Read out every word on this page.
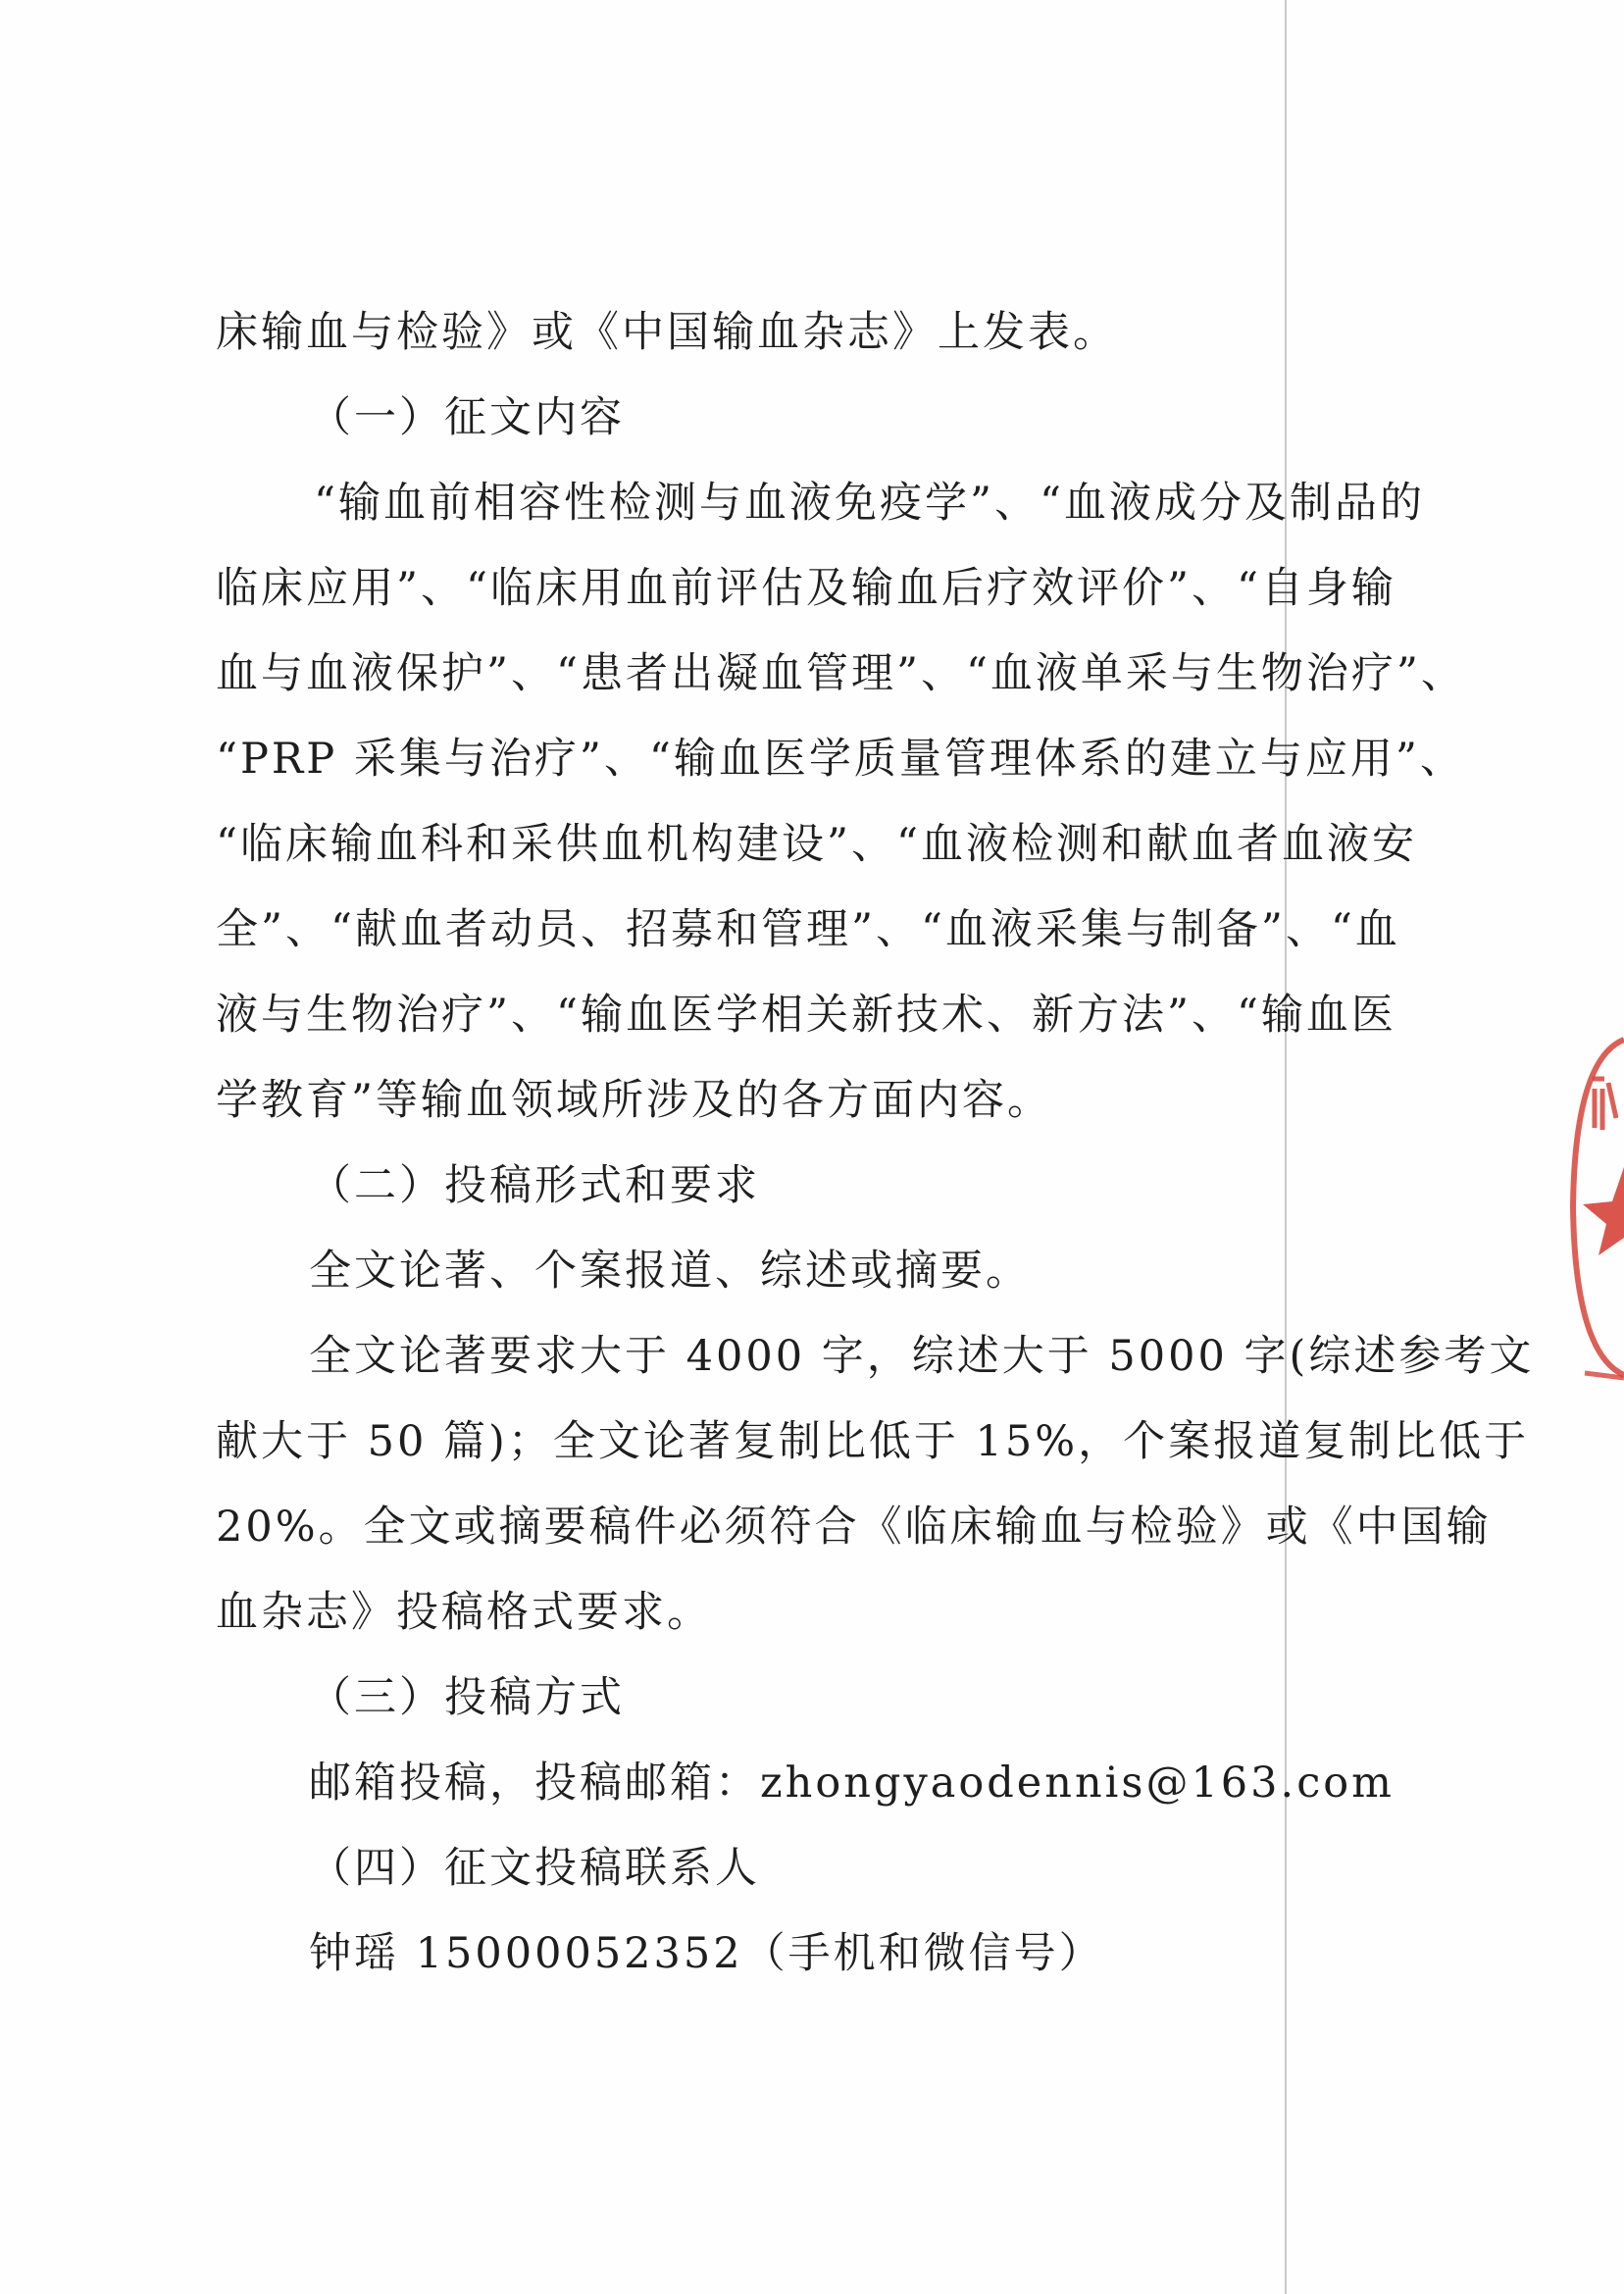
床输血与检验》或《中国输血杂志》上发表。
（一）征文内容
“输血前相容性检测与血液免疫学”、“血液成分及制品的
临床应用”、“临床用血前评估及输血后疗效评价”、“自身输
血与血液保护”、“患者出凝血管理”、“血液单采与生物治疗”、
“PRP 采集与治疗”、“输血医学质量管理体系的建立与应用”、
“临床输血科和采供血机构建设”、“血液检测和献血者血液安
全”、“献血者动员、招募和管理”、“血液采集与制备”、“血
液与生物治疗”、“输血医学相关新技术、新方法”、“输血医
学教育”等输血领域所涉及的各方面内容。
（二）投稿形式和要求
全文论著、个案报道、综述或摘要。
全文论著要求大于 4000 字，综述大于 5000 字(综述参考文
献大于 50 篇)；全文论著复制比低于 15%，个案报道复制比低于
20%。全文或摘要稿件必须符合《临床输血与检验》或《中国输
血杂志》投稿格式要求。
（三）投稿方式
邮箱投稿，投稿邮箱：zhongyaodennis@163.com
（四）征文投稿联系人
钟瑶 15000052352（手机和微信号）
